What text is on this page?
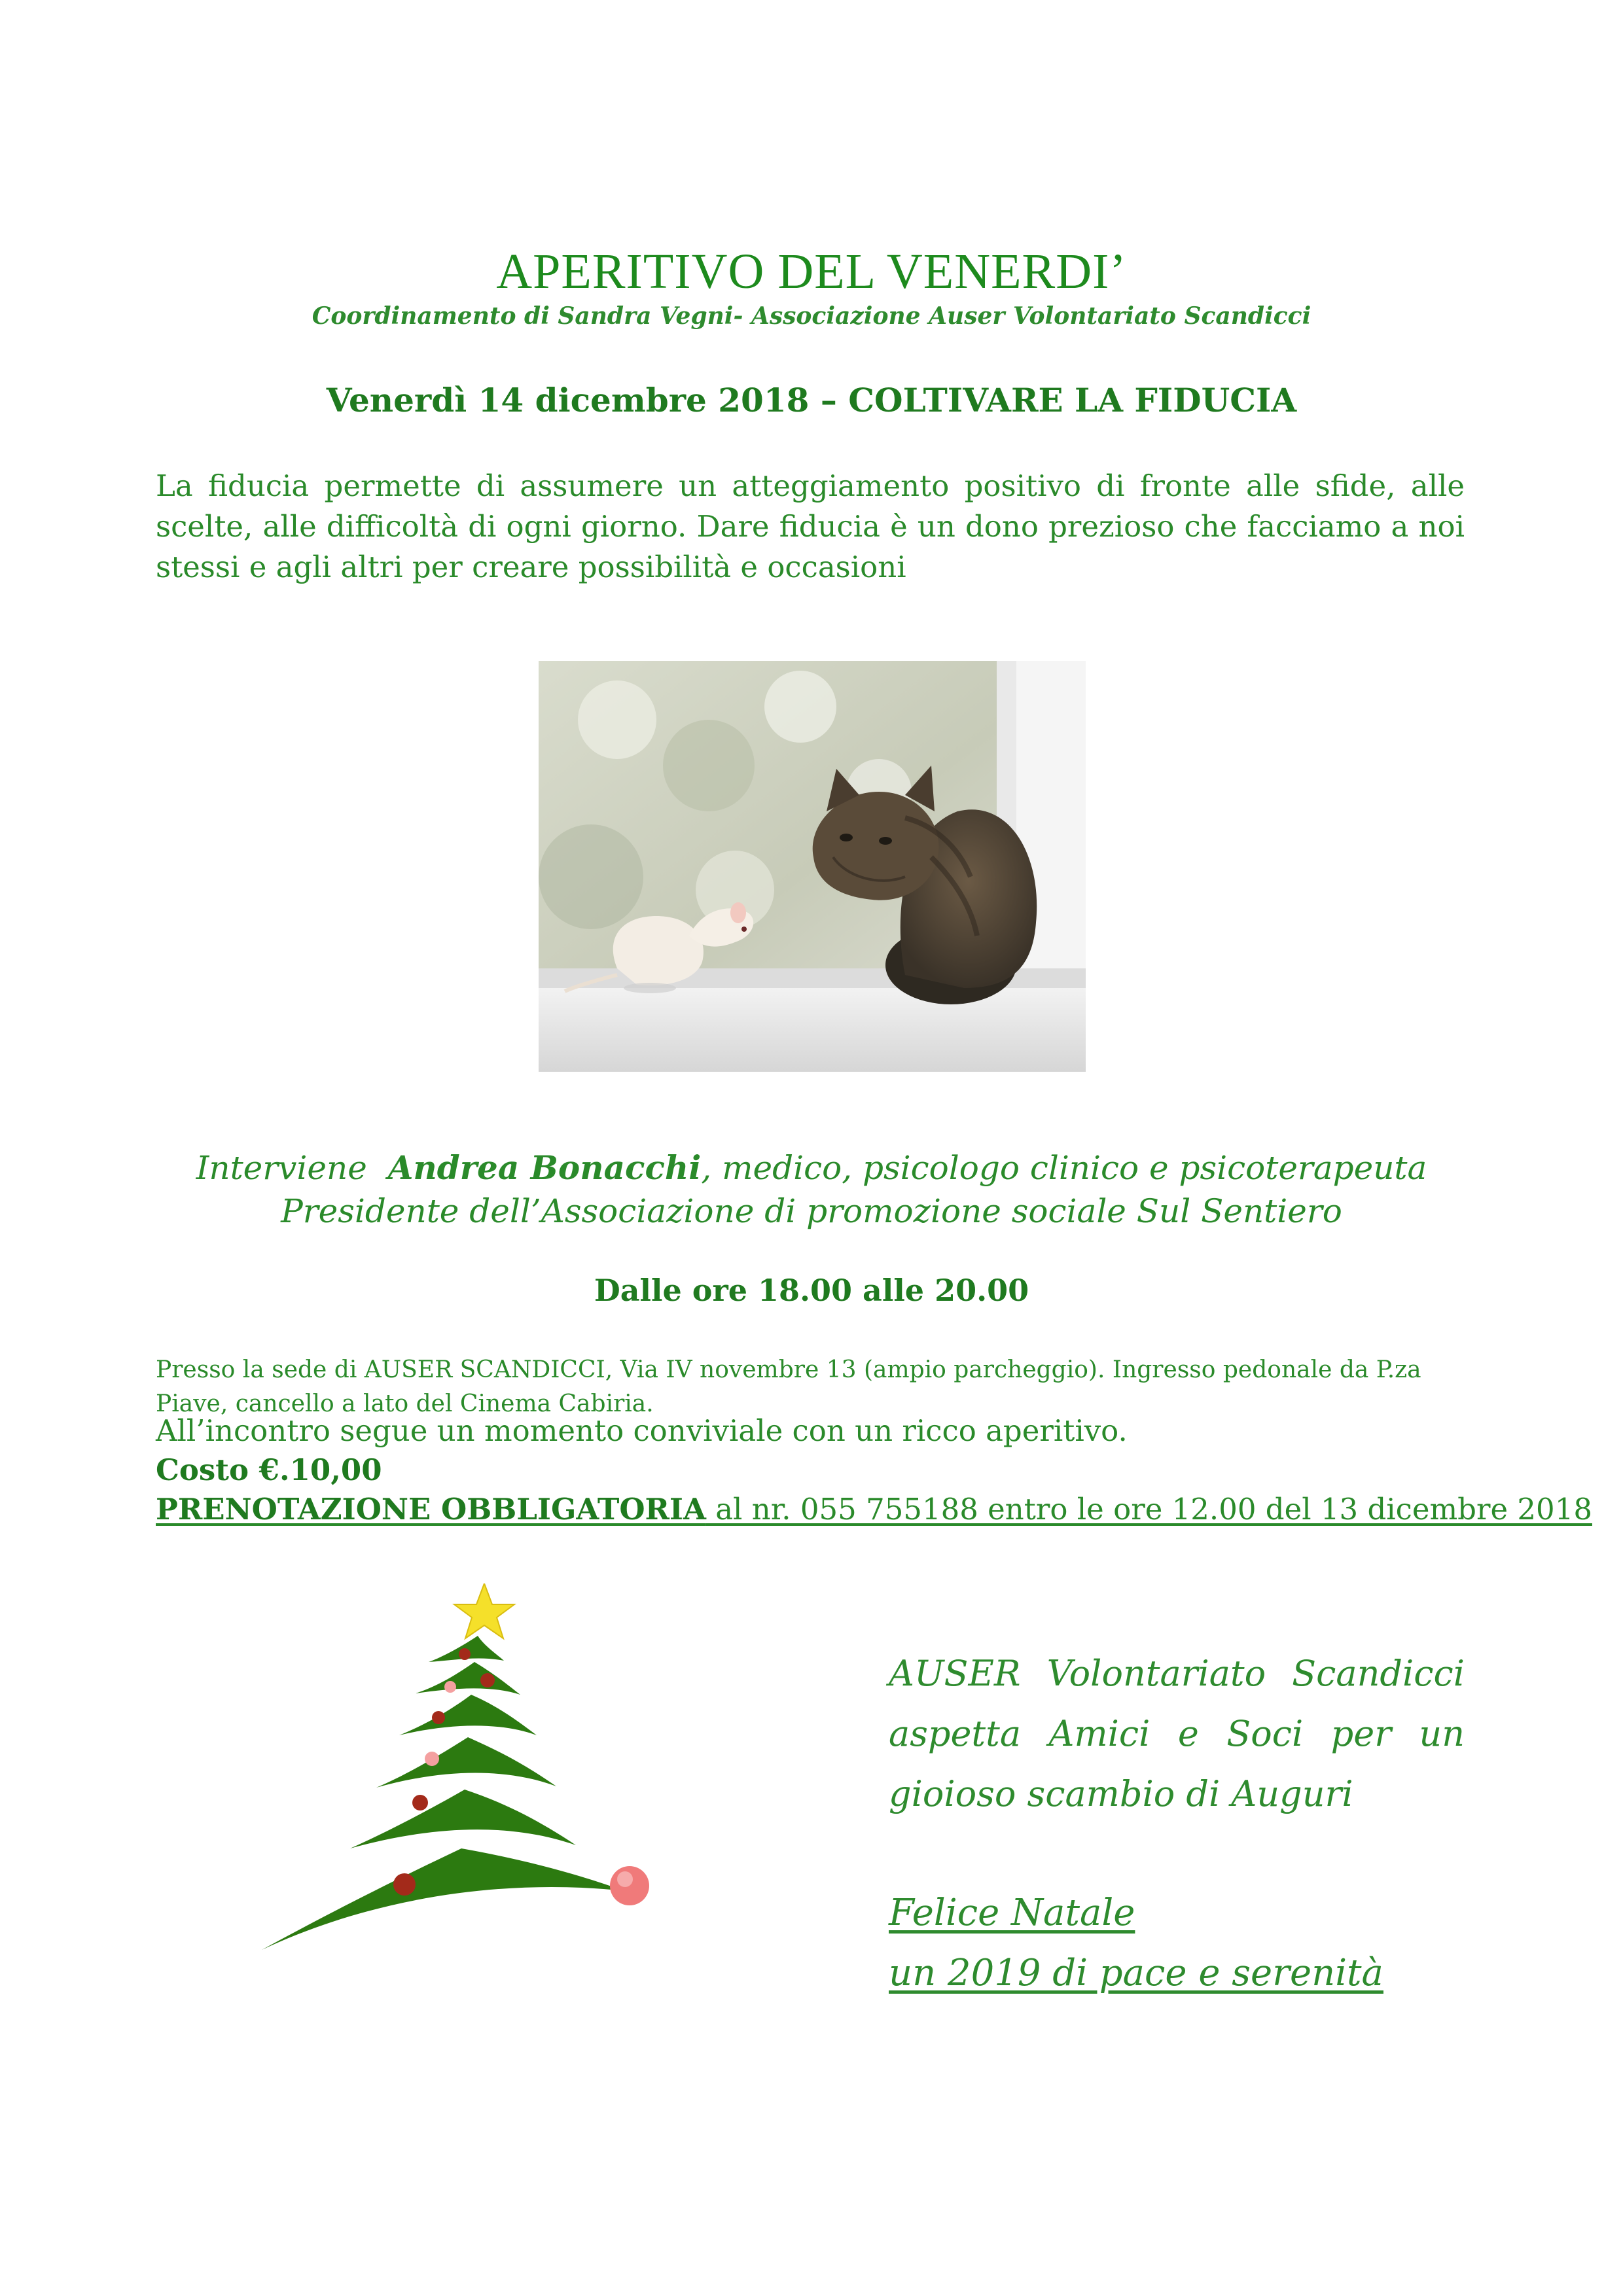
APERITIVO DEL VENERDI’
Coordinamento di Sandra Vegni- Associazione Auser Volontariato Scandicci
Venerdì 14 dicembre 2018 – COLTIVARE LA FIDUCIA
La fiducia permette di assumere un atteggiamento positivo di fronte alle sfide, alle scelte, alle difficoltà di ogni giorno. Dare fiducia è un dono prezioso che facciamo a noi stessi e agli altri per creare possibilità e occasioni
Interviene Andrea Bonacchi, medico, psicologo clinico e psicoterapeuta
Presidente dell’Associazione di promozione sociale Sul Sentiero
Dalle ore 18.00 alle 20.00
Presso la sede di AUSER SCANDICCI, Via IV novembre 13 (ampio parcheggio). Ingresso pedonale da P.za Piave, cancello a lato del Cinema Cabiria.
All’incontro segue un momento conviviale con un ricco aperitivo.
Costo €.10,00
PRENOTAZIONE OBBLIGATORIA al nr. 055 755188 entro le ore 12.00 del 13 dicembre 2018
AUSER Volontariato Scandicci aspetta Amici e Soci per un gioioso scambio di Auguri
Felice Natale
un 2019 di pace e serenità
